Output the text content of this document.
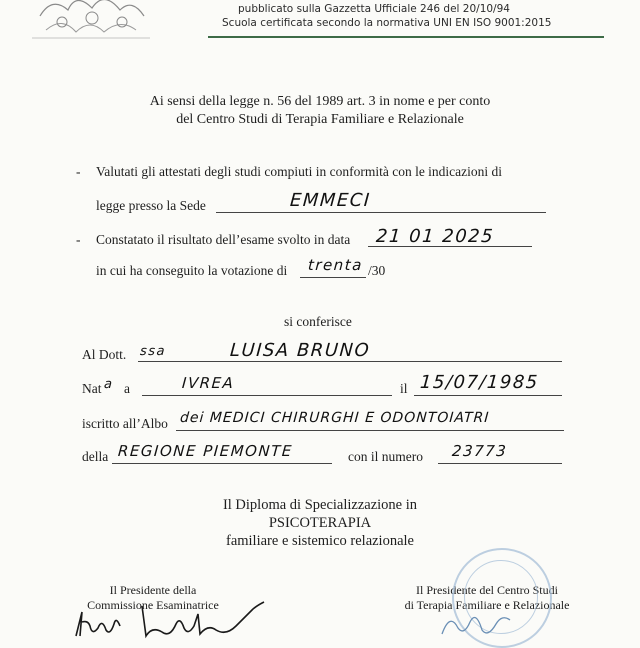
pubblicato sulla Gazzetta Ufficiale 246 del 20/10/94
Scuola certificata secondo la normativa UNI EN ISO 9001:2015
Ai sensi della legge n. 56 del 1989 art. 3 in nome e per conto
del Centro Studi di Terapia Familiare e Relazionale
- Valutati gli attestati degli studi compiuti in conformità con le indicazioni di
legge presso la Sede	EMMECI
- Constatato il risultato dell’esame svolto in data 21 01 2025
in cui ha conseguito la votazione di trenta /30
si conferisce
Al Dott. ssa	LUISA BRUNO
Nat a a	IVREA	il 15/07/1985
iscritto all’Albo dei MEDICI CHIRURGHI E ODONTOIATRI
della REGIONE PIEMONTE	con il numero 23773
Il Diploma di Specializzazione in
PSICOTERAPIA
familiare e sistemico relazionale
Il Presidente della
Commissione Esaminatrice
Il Presidente del Centro Studi
di Terapia Familiare e Relazionale
